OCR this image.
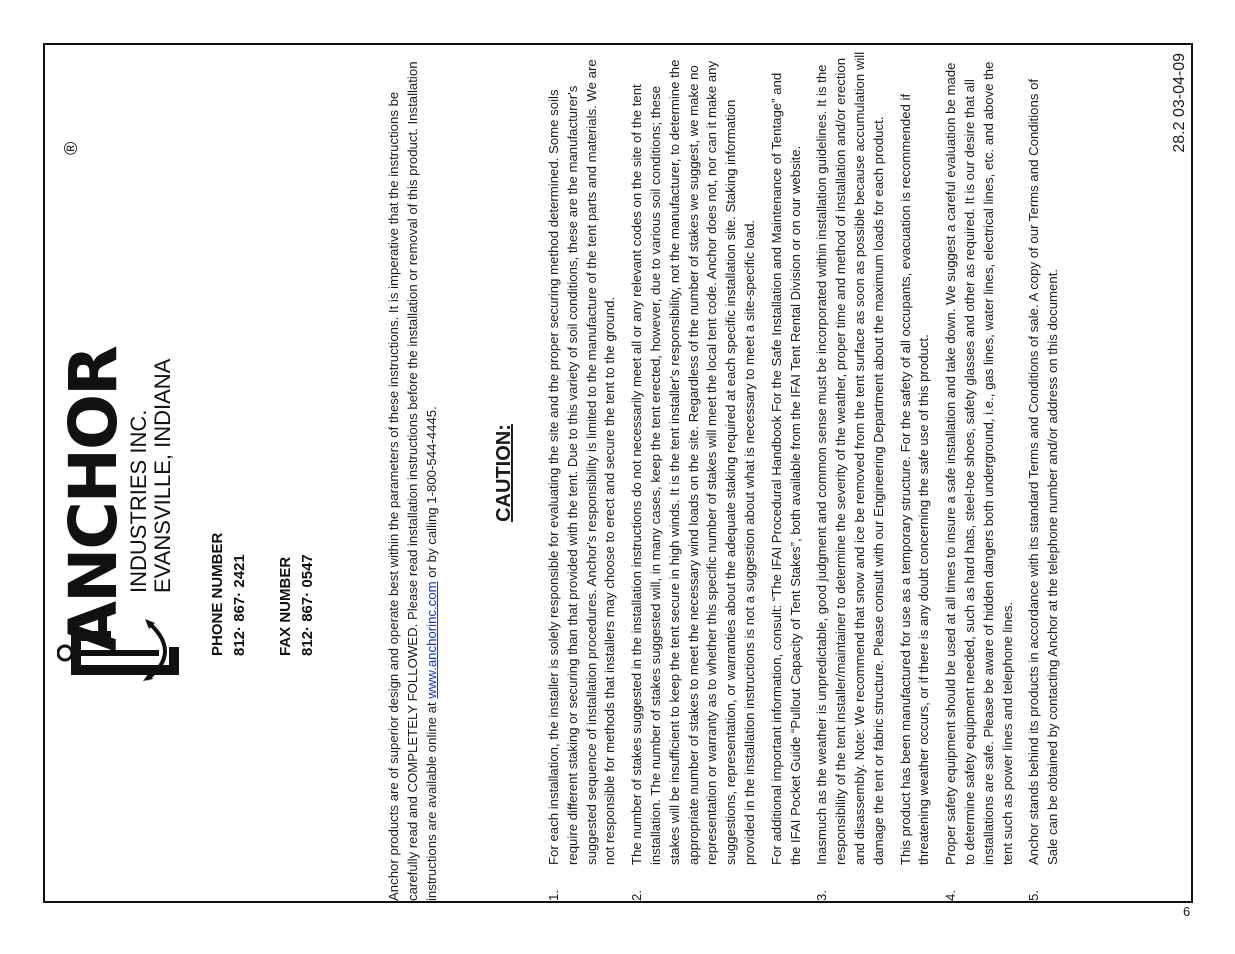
ANCHOR
®
INDUSTRIES INC. EVANSVILLE, INDIANA
PHONE NUMBER 812· 867· 2421 FAX NUMBER 812· 867· 0547	Anchor products are of superior design and operate best within the parameters of these instructions. It is imperative that the instructions be carefully read and COMPLETELY FOLLOWED. Please read installation instructions before the installation or removal of this product. Installation instructions are available online at www.anchorinc.com or by calling 1-800-544-4445.	CAUTION:
1.

For each installation, the installer is solely responsible for evaluating the site and the proper securing method determined. Some soils require different staking or securing than that provided with the tent. Due to this variety of soil conditions, these are the manufacturer's suggested sequence of installation procedures. Anchor's responsibility is limited to the manufacture of the tent parts and materials. We are not responsible for methods that installers may choose to erect and secure the tent to the ground.

2.

The number of stakes suggested in the installation instructions do not necessarily meet all or any relevant codes on the site of the tent installation. The number of stakes suggested will, in many cases, keep the tent erected, however, due to various soil conditions; these stakes will be insufficient to keep the tent secure in high winds. It is the tent installer's responsibility, not the manufacturer, to determine the appropriate number of stakes to meet the necessary wind loads on the site. Regardless of the number of stakes we suggest, we make no representation or warranty as to whether this specific number of stakes will meet the local tent code. Anchor does not, nor can it make any suggestions, representation, or warranties about the adequate staking required at each specific installation site. Staking information provided in the installation instructions is not a suggestion about what is necessary to meet a site-specific load. For additional important information, consult: “The IFAI Procedural Handbook For the Safe Installation and Maintenance of Tentage” and the IFAI Pocket Guide “Pullout Capacity of Tent Stakes”, both available from the IFAI Tent Rental Division or on our website.

3.

Inasmuch as the weather is unpredictable, good judgment and common sense must be incorporated within installation guidelines. It is the responsibility of the tent installer/maintainer to determine the severity of the weather, proper time and method of installation and/or erection and disassembly. Note: We recommend that snow and ice be removed from the tent surface as soon as possible because accumulation will damage the tent or fabric structure. Please consult with our Engineering Department about the maximum loads for each product. This product has been manufactured for use as a temporary structure. For the safety of all occupants, evacuation is recommended if threatening weather occurs, or if there is any doubt concerning the safe use of this product.

4.

Proper safety equipment should be used at all times to insure a safe installation and take down. We suggest a careful evaluation be made to determine safety equipment needed, such as hard hats, steel-toe shoes, safety glasses and other as required. It is our desire that all installations are safe. Please be aware of hidden dangers both underground, i.e., gas lines, water lines, electrical lines, etc. and above the tent such as power lines and telephone lines.

5.

Anchor stands behind its products in accordance with its standard Terms and Conditions of sale. A copy of our Terms and Conditions of Sale can be obtained by contacting Anchor at the telephone number and/or address on this document.

28.2 03-04-09
6
